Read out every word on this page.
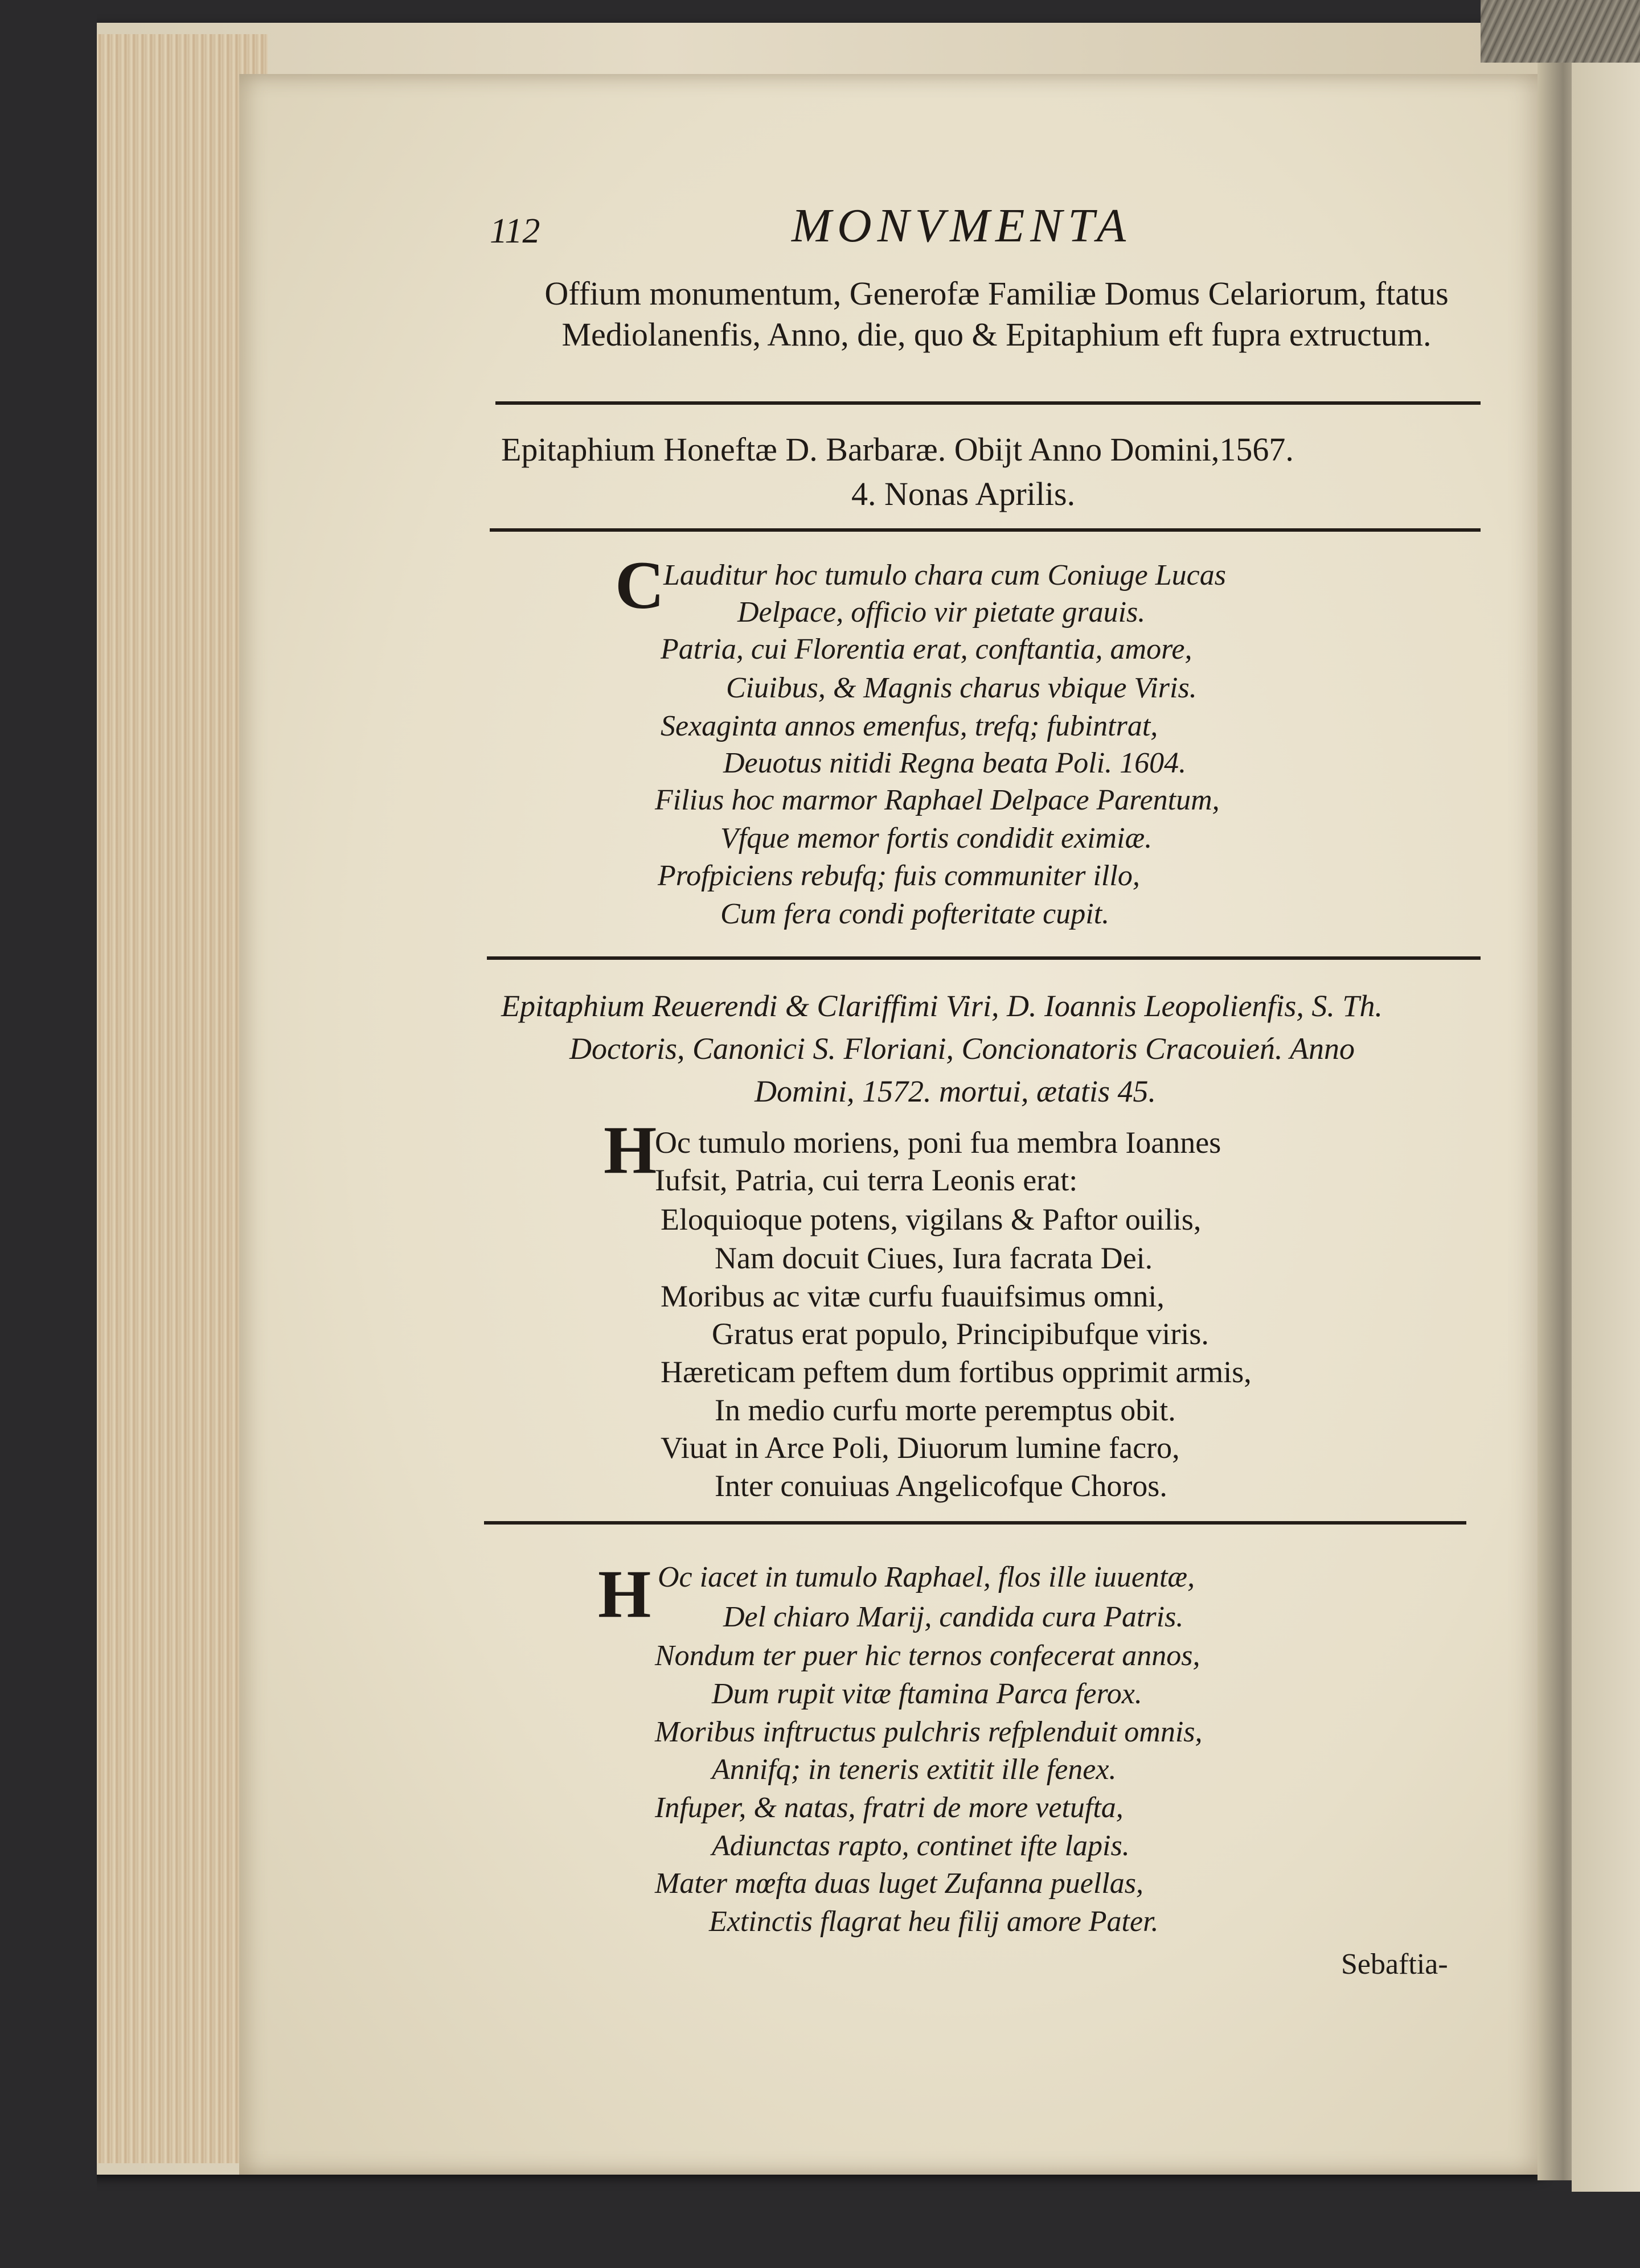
112	MONVMENTA
Offium monumentum, Generofæ Familiæ Domus Celariorum, ftatus Mediolanenfis, Anno, die, quo & Epitaphium eft fupra extructum.
Epitaphium Honeftæ D. Barbaræ. Obijt Anno Domini,1567.
4. Nonas Aprilis.
C
Lauditur hoc tumulo chara cum Coniuge Lucas
Delpace, officio vir pietate grauis.
Patria, cui Florentia erat, conftantia, amore,
Ciuibus, & Magnis charus vbique Viris.
Sexaginta annos emenfus, trefq; fubintrat,
Deuotus nitidi Regna beata Poli. 1604.
Filius hoc marmor Raphael Delpace Parentum,
Vfque memor fortis condidit eximiæ.
Profpiciens rebufq; fuis communiter illo,
Cum fera condi pofteritate cupit.
Epitaphium Reuerendi & Clariffimi Viri, D. Ioannis Leopolienfis, S. Th.
Doctoris, Canonici S. Floriani, Concionatoris Cracouień. Anno
Domini, 1572. mortui, ætatis 45.
H
Oc tumulo moriens, poni fua membra Ioannes
Iufsit, Patria, cui terra Leonis erat:
Eloquioque potens, vigilans & Paftor ouilis,
Nam docuit Ciues, Iura facrata Dei.
Moribus ac vitæ curfu fuauifsimus omni,
Gratus erat populo, Principibufque viris.
Hæreticam peftem dum fortibus opprimit armis,
In medio curfu morte peremptus obit.
Viuat in Arce Poli, Diuorum lumine facro,
Inter conuiuas Angelicofque Choros.
H Oc iacet in tumulo Raphael, flos ille iuuentæ,
Del chiaro Marij, candida cura Patris.
Nondum ter puer hic ternos confecerat annos,
Dum rupit vitæ ftamina Parca ferox.
Moribus inftructus pulchris refplenduit omnis,
Annifq; in teneris extitit ille fenex.
Infuper, & natas, fratri de more vetufta,
Adiunctas rapto, continet ifte lapis.
Mater mœfta duas luget Zufanna puellas,
Extinctis flagrat heu filij amore Pater.
Sebaftia-
